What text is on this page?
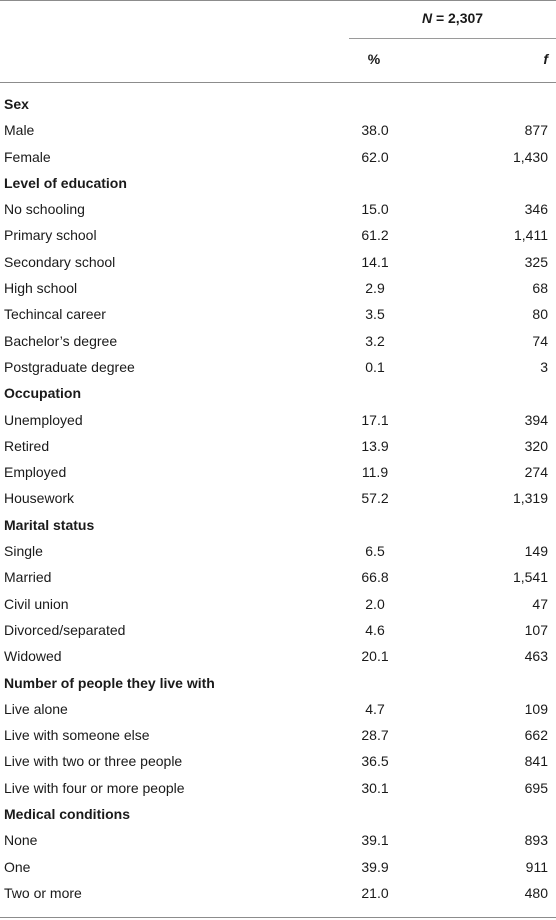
N = 2,307
%	f
Sex
Male	38.0	877
Female	62.0	1,430
Level of education
No schooling	15.0	346
Primary school	61.2	1,411
Secondary school	14.1	325
High school	2.9	68
Techincal career	3.5	80
Bachelor’s degree	3.2	74
Postgraduate degree	0.1	3
Occupation
Unemployed	17.1	394
Retired	13.9	320
Employed	11.9	274
Housework	57.2	1,319
Marital status
Single	6.5	149
Married	66.8	1,541
Civil union	2.0	47
Divorced/separated	4.6	107
Widowed	20.1	463
Number of people they live with
Live alone	4.7	109
Live with someone else	28.7	662
Live with two or three people	36.5	841
Live with four or more people	30.1	695
Medical conditions
None	39.1	893
One	39.9	911
Two or more	21.0	480
